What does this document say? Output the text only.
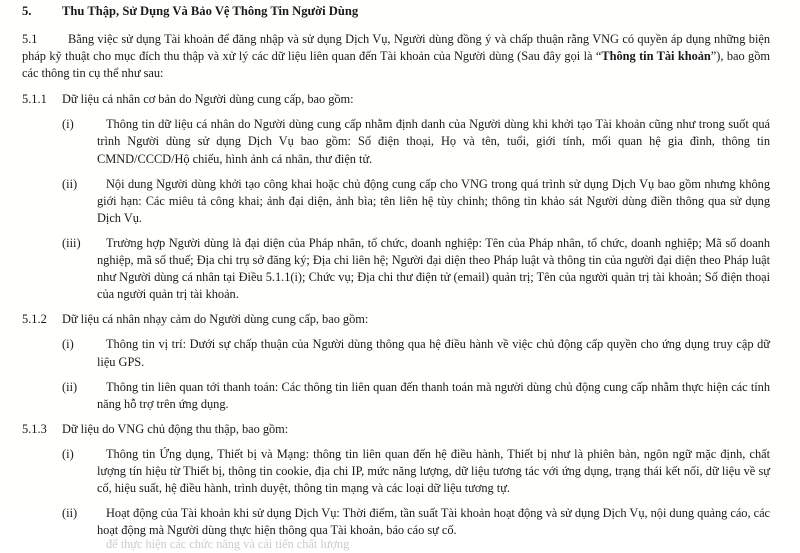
5.	Thu Thập, Sử Dụng Và Bảo Vệ Thông Tin Người Dùng
5.1	Bằng việc sử dụng Tài khoản để đăng nhập và sử dụng Dịch Vụ, Người dùng đồng ý và chấp thuận rằng VNG có quyền áp dụng những biện pháp kỹ thuật cho mục đích thu thập và xử lý các dữ liệu liên quan đến Tài khoản của Người dùng (Sau đây gọi là “Thông tin Tài khoản”), bao gồm các thông tin cụ thể như sau:

5.1.1 Dữ liệu cá nhân cơ bản do Người dùng cung cấp, bao gồm:

(i)	Thông tin dữ liệu cá nhân do Người dùng cung cấp nhằm định danh của Người dùng khi khởi tạo Tài khoản cũng như trong suốt quá trình Người dùng sử dụng Dịch Vụ bao gồm: Số điện thoại, Họ và tên, tuổi, giới tính, mối quan hệ gia đình, thông tin CMND/CCCD/Hộ chiếu, hình ảnh cá nhân, thư điện tử.

(ii)	Nội dung Người dùng khởi tạo công khai hoặc chủ động cung cấp cho VNG trong quá trình sử dụng Dịch Vụ bao gồm nhưng không giới hạn: Các miêu tả công khai; ảnh đại diện, ảnh bìa; tên liên hệ tùy chinh; thông tin khảo sát Người dùng điền thông qua sử dụng Dịch Vụ.

(iii)	Trường hợp Người dùng là đại diện của Pháp nhân, tổ chức, doanh nghiệp: Tên của Pháp nhân, tổ chức, doanh nghiệp; Mã số doanh nghiệp, mã số thuế; Địa chi trụ sở đăng ký; Địa chi liên hệ; Người đại diện theo Pháp luật và thông tin của người đại diện theo Pháp luật như Người dùng cá nhân tại Điều 5.1.1(i); Chức vụ; Địa chi thư điện tử (email) quản trị; Tên của người quản trị tài khoản; Số điện thoại của người quản trị tài khoản.

5.1.2 Dữ liệu cá nhân nhạy cảm do Người dùng cung cấp, bao gồm:

(i)	Thông tin vị trí: Dưới sự chấp thuận của Người dùng thông qua hệ điều hành về việc chủ động cấp quyền cho ứng dụng truy cập dữ liệu GPS.

(ii)	Thông tin liên quan tới thanh toán: Các thông tin liên quan đến thanh toán mà người dùng chủ động cung cấp nhằm thực hiện các tính năng hỗ trợ trên ứng dụng.

5.1.3 Dữ liệu do VNG chủ động thu thập, bao gồm:

(i)	Thông tin Ứng dụng, Thiết bị và Mạng: thông tin liên quan đến hệ điều hành, Thiết bị như là phiên bản, ngôn ngữ mặc định, chất lượng tín hiệu từ Thiết bị, thông tin cookie, địa chi IP, mức năng lượng, dữ liệu tương tác với ứng dụng, trạng thái kết nối, dữ liệu về sự cố, hiệu suất, hệ điều hành, trình duyệt, thông tin mạng và các loại dữ liệu tương tự.

(ii)	Hoạt động của Tài khoản khi sử dụng Dịch Vụ: Thời điểm, tần suất Tài khoản hoạt động và sử dụng Dịch Vụ, nội dung quảng cáo, các hoạt động mà Người dùng thực hiện thông qua Tài khoản, báo cáo sự cố.

để thực hiện các chức năng và cải tiến chất lượng
